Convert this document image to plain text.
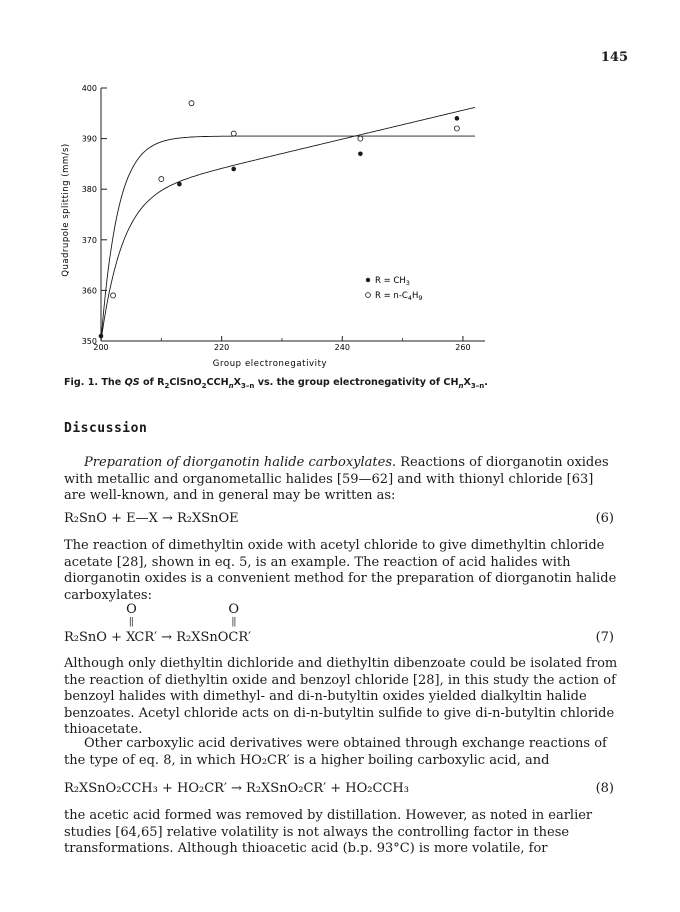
145
350
360
370
380
390
400
200	220	240	260
Group electronegativity
Quadrupole splitting (mm/s)
$R = CH_3$
$R = n-C_4H_9$
Fig. 1. The QS of $R_2ClSnO_2CCH_nX_{3-n}$ vs. the group electronegativity of $CH_nX_{3-n}$.
Discussion

Preparation of diorganotin halide carboxylates. Reactions of diorganotin oxides with metallic and organometallic halides [59—62] and with thionyl chloride [63] are well-known, and in general may be written as:

R₂SnO + E—X → R₂XSnOE	(6)

The reaction of dimethyltin oxide with acetyl chloride to give dimethyltin chloride acetate [28], shown in eq. 5, is an example. The reaction of acid halides with diorganotin oxides is a convenient method for the preparation of diorganotin halide carboxylates:

R₂SnO +
O
||
XCR′ → R₂XSnO
O
||
CR′	(7)

Although only diethyltin dichloride and diethyltin dibenzoate could be isolated from the reaction of diethyltin oxide and benzoyl chloride [28], in this study the action of benzoyl halides with dimethyl- and di-n-butyltin oxides yielded dialkyltin halide benzoates. Acetyl chloride acts on di-n-butyltin sulfide to give di-n-butyltin chloride thioacetate.

Other carboxylic acid derivatives were obtained through exchange reactions of the type of eq. 8, in which HO₂CR′ is a higher boiling carboxylic acid, and

R₂XSnO₂CCH₃ + HO₂CR′ → R₂XSnO₂CR′ + HO₂CCH₃	(8)

the acetic acid formed was removed by distillation. However, as noted in earlier studies [64,65] relative volatility is not always the controlling factor in these transformations. Although thioacetic acid (b.p. 93°C) is more volatile, for
